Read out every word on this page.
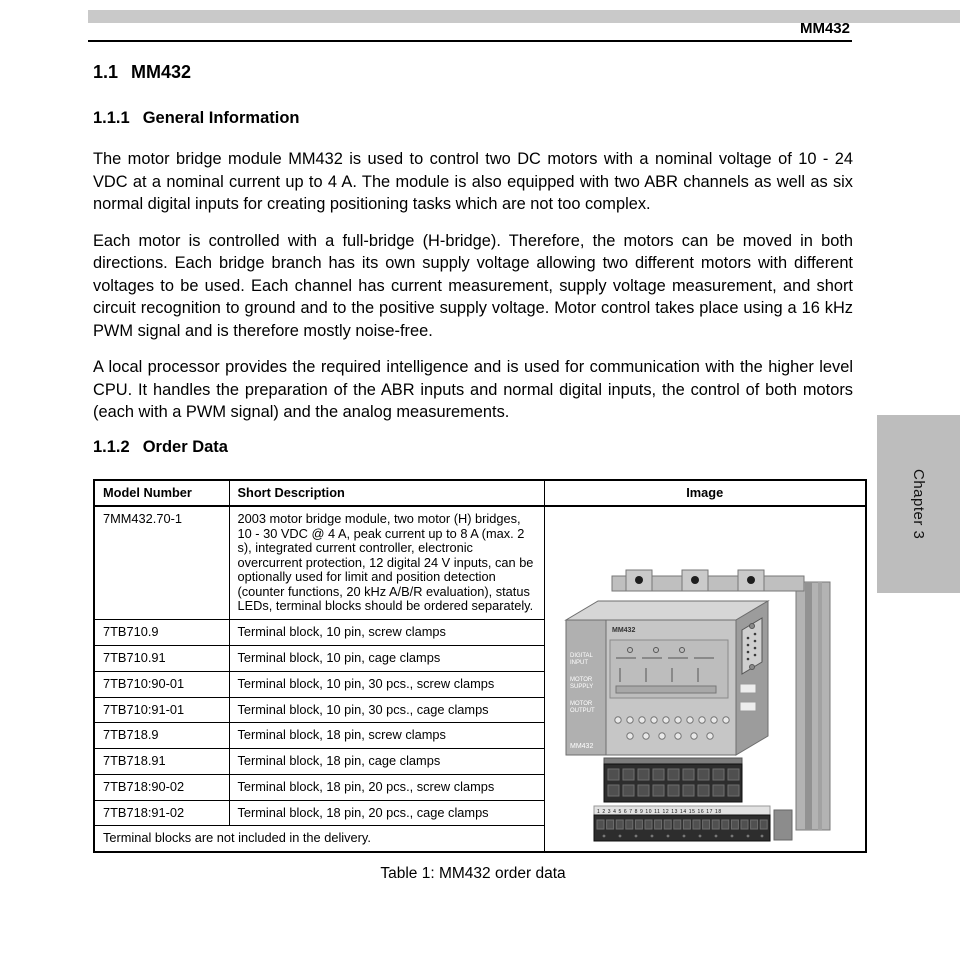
Chapter 3
MM432
1.1 MM432
1.1.1 General Information

The motor bridge module MM432 is used to control two DC motors with a nominal voltage of 10 - 24 VDC at a nominal current up to 4 A. The module is also equipped with two ABR channels as well as six normal digital inputs for creating positioning tasks which are not too complex.

Each motor is controlled with a full-bridge (H-bridge). Therefore, the motors can be moved in both directions. Each bridge branch has its own supply voltage allowing two different motors with different voltages to be used. Each channel has current measurement, supply voltage measurement, and short circuit recognition to ground and to the positive supply voltage. Motor control takes place using a 16 kHz PWM signal and is therefore mostly noise-free.

A local processor provides the required intelligence and is used for communication with the higher level CPU. It handles the preparation of the ABR inputs and normal digital inputs, the control of both motors (each with a PWM signal) and the analog measurements.

1.1.2 Order Data
Model Number	Short Description	Image
7MM432.70-1	2003 motor bridge module, two motor (H) bridges, 10 - 30 VDC @ 4 A, peak current up to 8 A (max. 2 s), integrated current controller, electronic overcurrent protection, 12 digital 24 V inputs, can be optionally used for limit and position detection (counter functions, 20 kHz A/B/R evaluation), status LEDs, terminal blocks should be ordered separately.	
MM432
DIGITAL
INPUT
MOTOR
SUPPLY
MOTOR
OUTPUT
MM432
1 2 3 4 5 6 7 8 9 10 11 12 13 14 15 16 17 18

7TB710.9	Terminal block, 10 pin, screw clamps	
7TB710.91	Terminal block, 10 pin, cage clamps	
7TB710:90-01	Terminal block, 10 pin, 30 pcs., screw clamps	
7TB710:91-01	Terminal block, 10 pin, 30 pcs., cage clamps	
7TB718.9	Terminal block, 18 pin, screw clamps	
7TB718.91	Terminal block, 18 pin, cage clamps	
7TB718:90-02	Terminal block, 18 pin, 20 pcs., screw clamps	
7TB718:91-02	Terminal block, 18 pin, 20 pcs., cage clamps	
Terminal blocks are not included in the delivery.		
Table 1: MM432 order data
